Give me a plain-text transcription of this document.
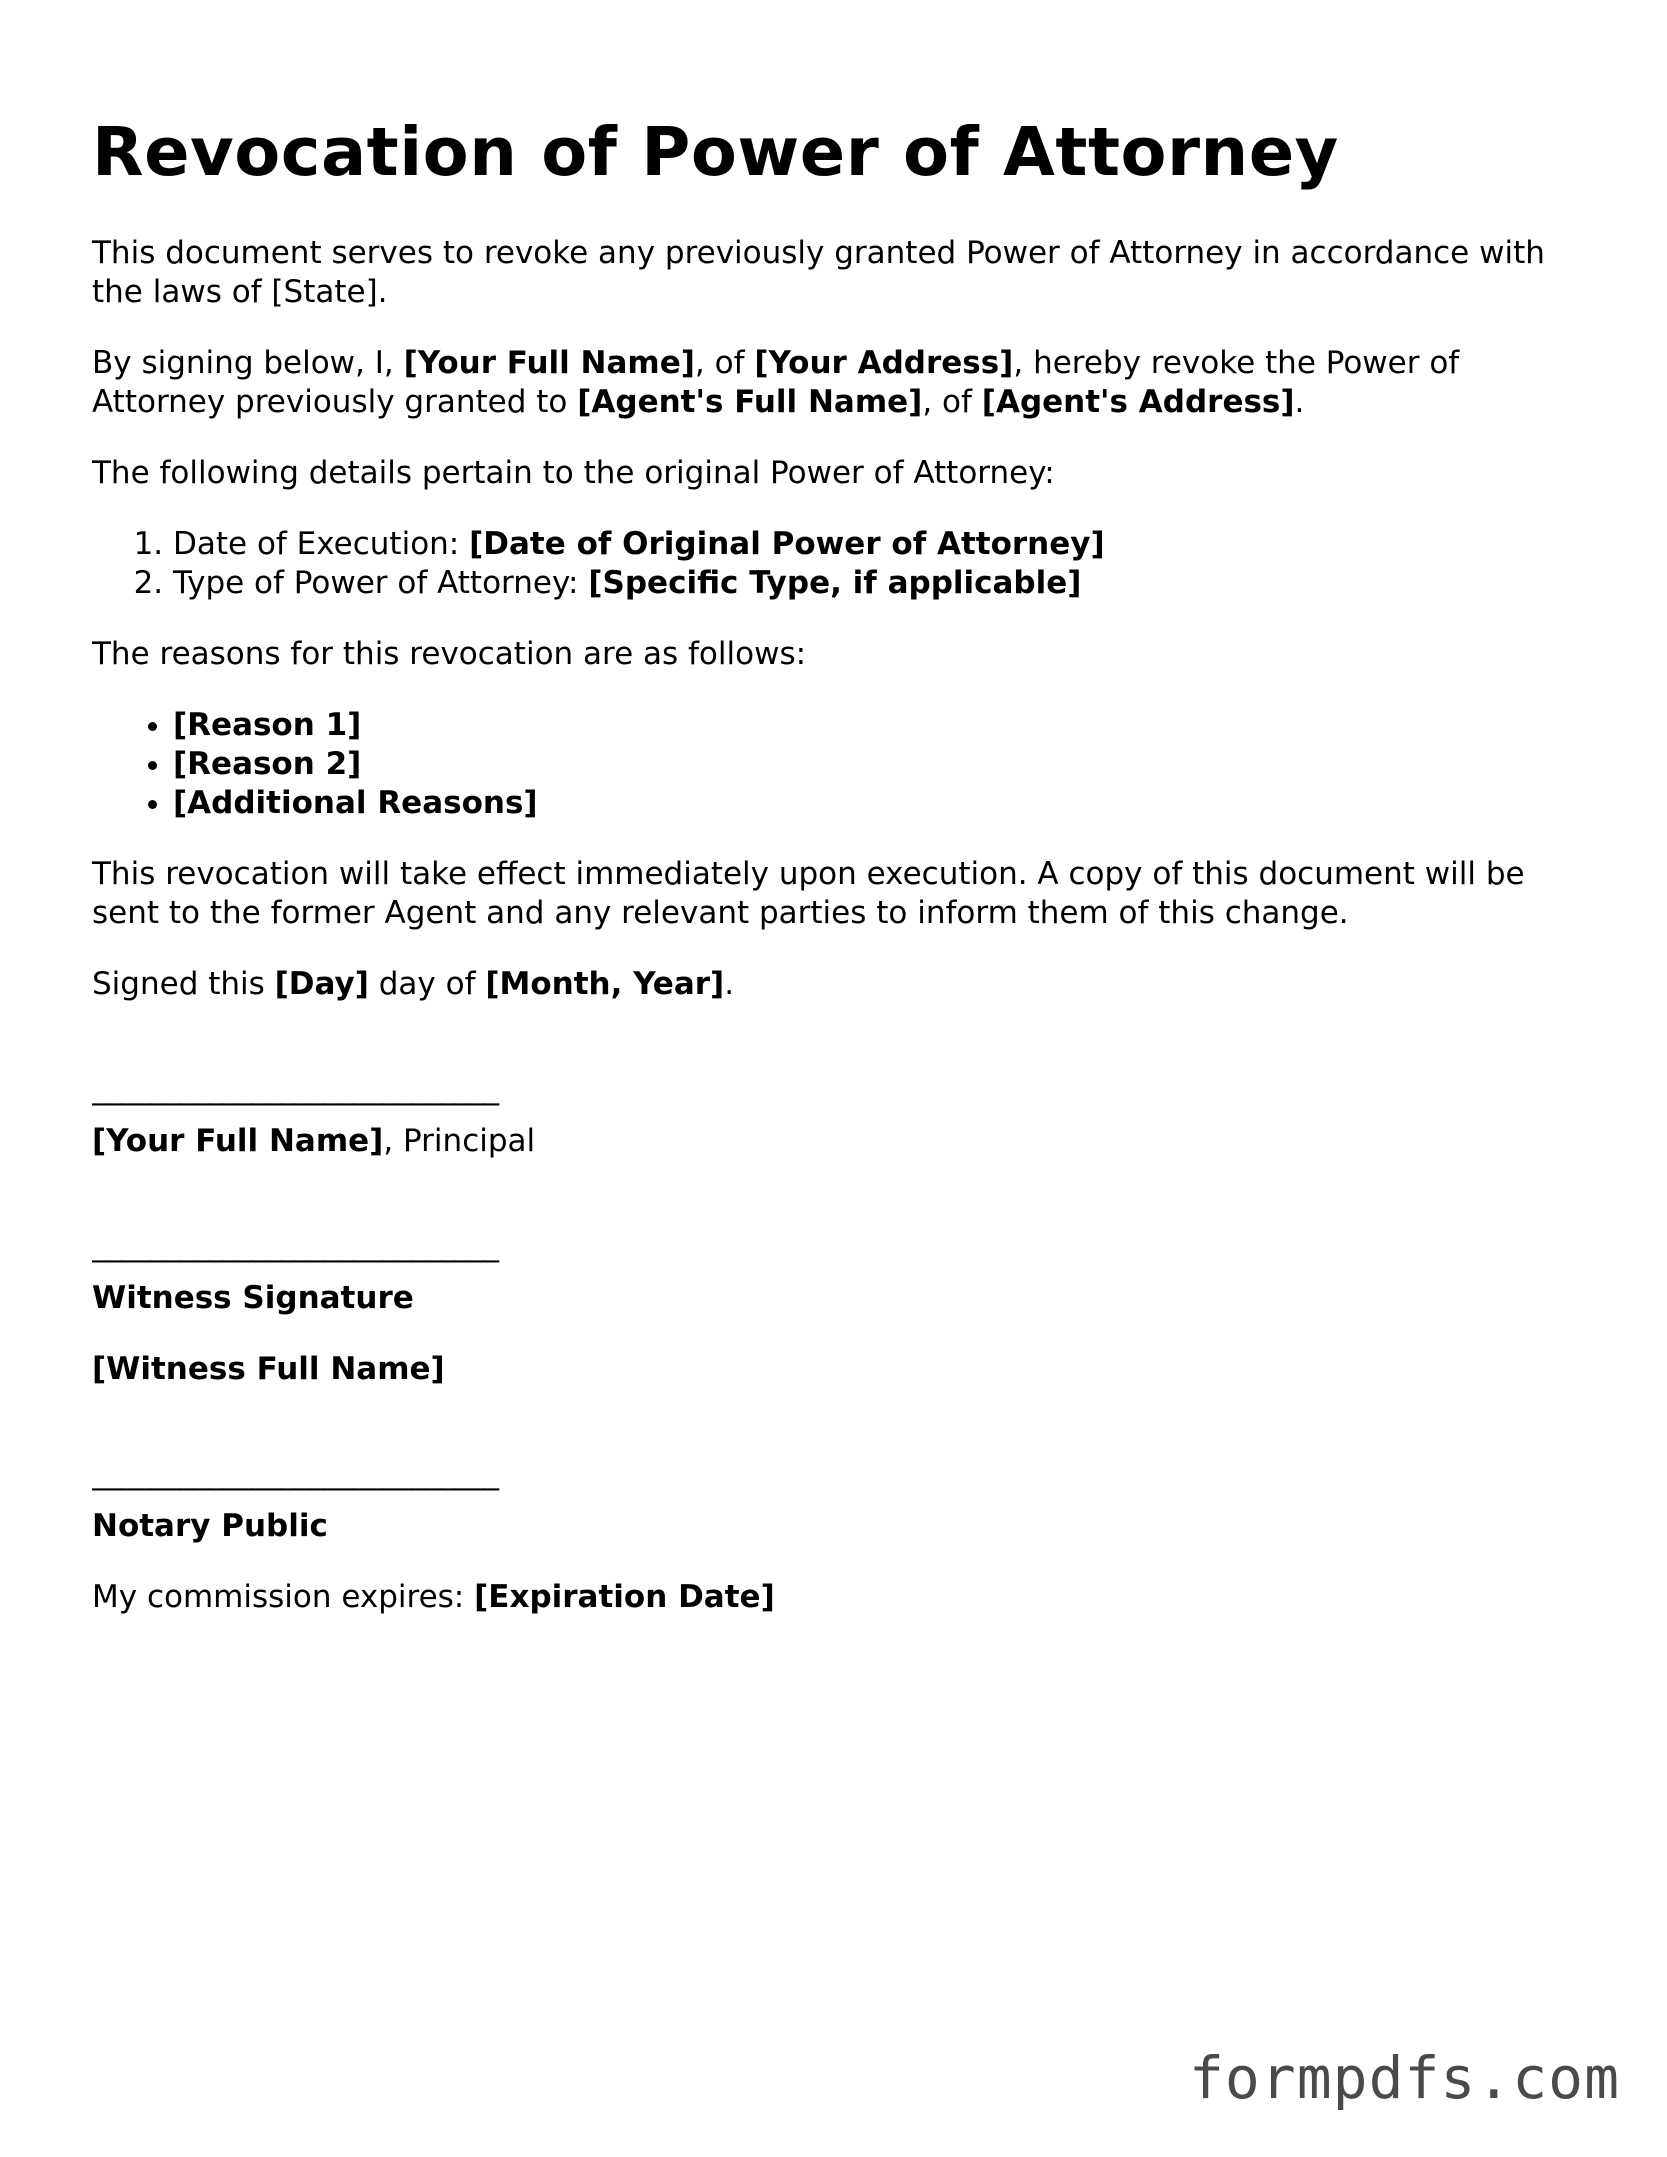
Revocation of Power of Attorney

This document serves to revoke any previously granted Power of Attorney in accordance with the laws of [State].

By signing below, I, [Your Full Name], of [Your Address], hereby revoke the Power of Attorney previously granted to [Agent's Full Name], of [Agent's Address].

The following details pertain to the original Power of Attorney:

1. Date of Execution: [Date of Original Power of Attorney]
2. Type of Power of Attorney: [Specific Type, if applicable]

The reasons for this revocation are as follows:

• [Reason 1]
• [Reason 2]
• [Additional Reasons]

This revocation will take effect immediately upon execution. A copy of this document will be sent to the former Agent and any relevant parties to inform them of this change.

Signed this [Day] day of [Month, Year].

____________________________

[Your Full Name], Principal

____________________________

Witness Signature

[Witness Full Name]

____________________________

Notary Public

My commission expires: [Expiration Date]

formpdfs.com
